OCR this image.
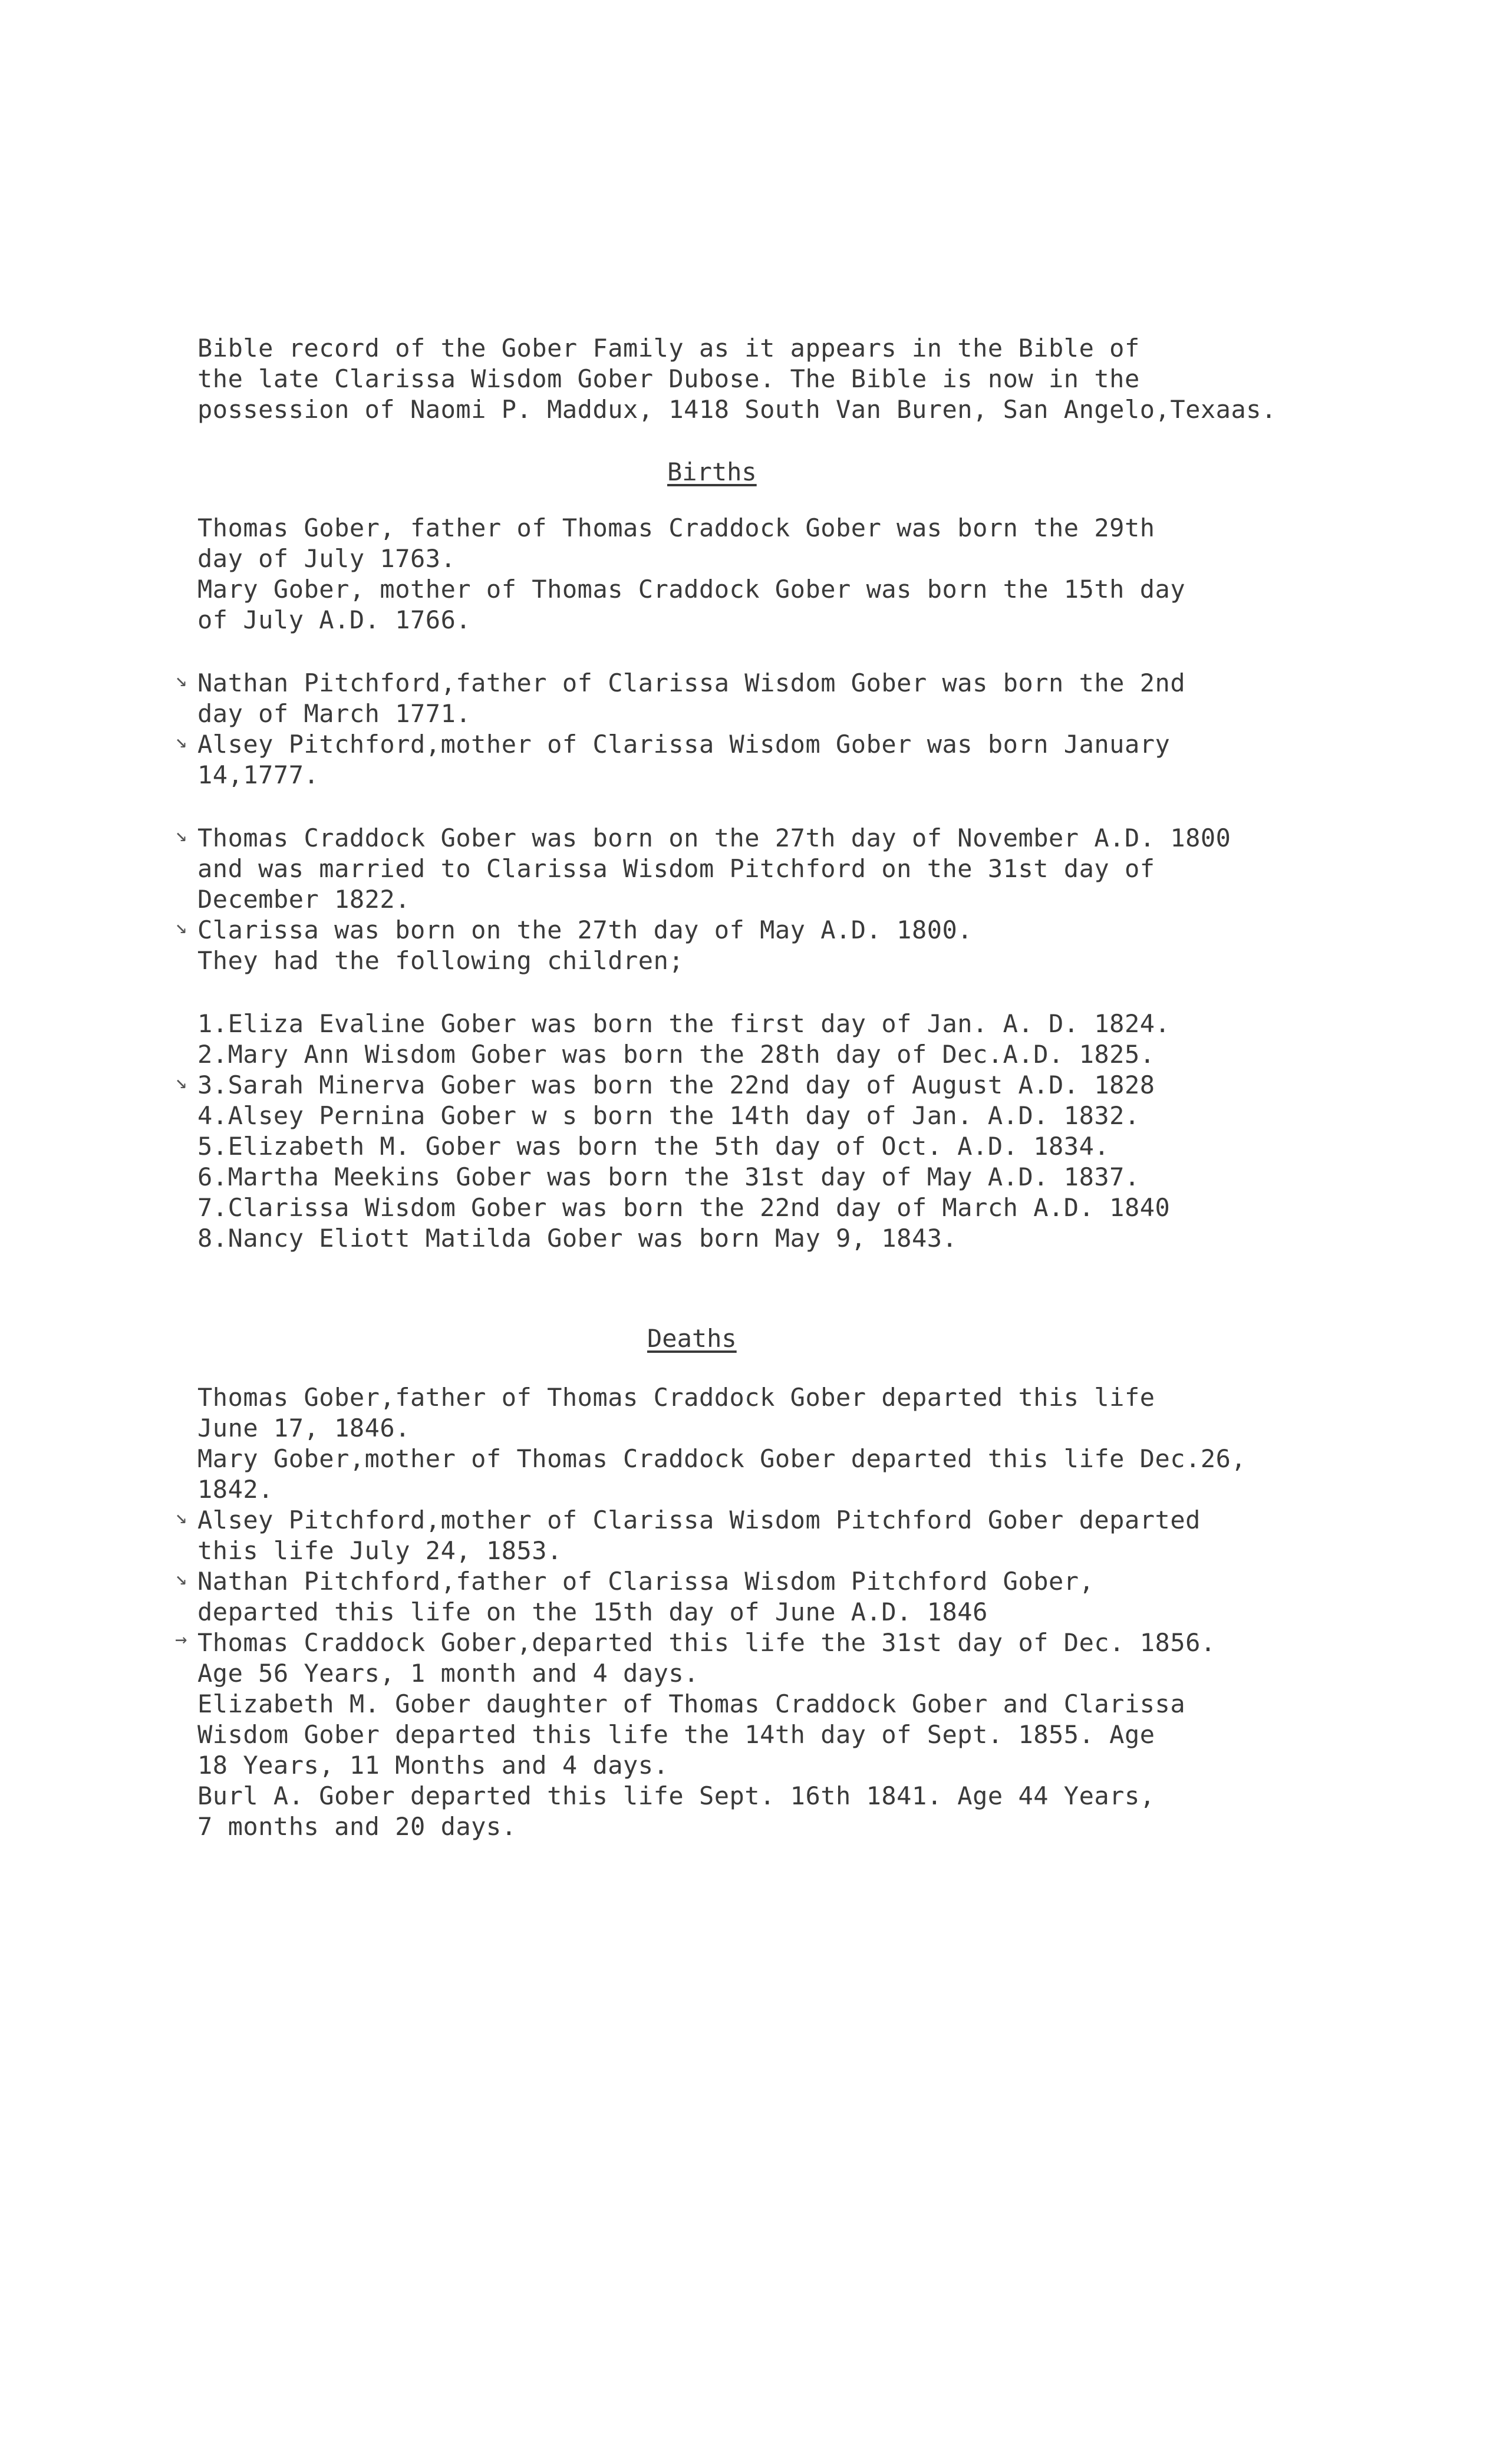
Bible record of the Gober Family as it appears in the Bible of
the late Clarissa Wisdom Gober Dubose. The Bible is now in the
possession of Naomi P. Maddux, 1418 South Van Buren, San Angelo,Texaas.
Births
Thomas Gober, father of Thomas Craddock Gober was born the 29th
day of July 1763.
Mary Gober, mother of Thomas Craddock Gober was born the 15th day
of July A.D. 1766.
↘ Nathan Pitchford,father of Clarissa Wisdom Gober was born the 2nd
day of March 1771.
↘ Alsey Pitchford,mother of Clarissa Wisdom Gober was born January
14,1777.
↘ Thomas Craddock Gober was born on the 27th day of November A.D. 1800
and was married to Clarissa Wisdom Pitchford on the 31st day of
December 1822.
↘ Clarissa was born on the 27th day of May A.D. 1800.
They had the following children;
1.Eliza Evaline Gober was born the first day of Jan. A. D. 1824.
2.Mary Ann Wisdom Gober was born the 28th day of Dec.A.D. 1825.
↘ 3.Sarah Minerva Gober was born the 22nd day of August A.D. 1828
4.Alsey Pernina Gober w s born the 14th day of Jan. A.D. 1832.
5.Elizabeth M. Gober was born the 5th day of Oct. A.D. 1834.
6.Martha Meekins Gober was born the 31st day of May A.D. 1837.
7.Clarissa Wisdom Gober was born the 22nd day of March A.D. 1840
8.Nancy Eliott Matilda Gober was born May 9, 1843.
Deaths
Thomas Gober,father of Thomas Craddock Gober departed this life
June 17, 1846.
Mary Gober,mother of Thomas Craddock Gober departed this life Dec.26,
1842.
↘ Alsey Pitchford,mother of Clarissa Wisdom Pitchford Gober departed
this life July 24, 1853.
↘ Nathan Pitchford,father of Clarissa Wisdom Pitchford Gober,
departed this life on the 15th day of June A.D. 1846
→ Thomas Craddock Gober,departed this life the 31st day of Dec. 1856.
Age 56 Years, 1 month and 4 days.
Elizabeth M. Gober daughter of Thomas Craddock Gober and Clarissa
Wisdom Gober departed this life the 14th day of Sept. 1855. Age
18 Years, 11 Months and 4 days.
Burl A. Gober departed this life Sept. 16th 1841. Age 44 Years,
7 months and 20 days.
